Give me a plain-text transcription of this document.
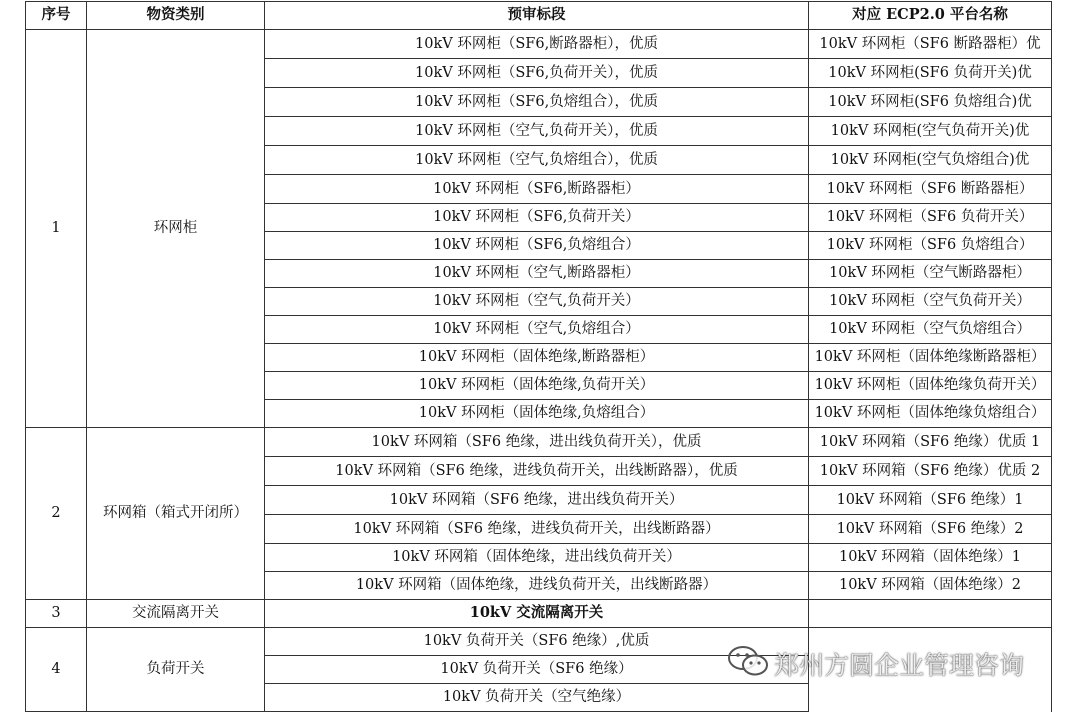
序号	物资类别	预审标段	对应 ECP2.0 平台名称
1	环网柜	10kV 环网柜（SF6,断路器柜），优质	10kV 环网柜（SF6 断路器柜）优
		10kV 环网柜（SF6,负荷开关），优质	10kV 环网柜(SF6 负荷开关)优
		10kV 环网柜（SF6,负熔组合），优质	10kV 环网柜(SF6 负熔组合)优
		10kV 环网柜（空气,负荷开关），优质	10kV 环网柜(空气负荷开关)优
		10kV 环网柜（空气,负熔组合），优质	10kV 环网柜(空气负熔组合)优
		10kV 环网柜（SF6,断路器柜）	10kV 环网柜（SF6 断路器柜）
		10kV 环网柜（SF6,负荷开关）	10kV 环网柜（SF6 负荷开关）
		10kV 环网柜（SF6,负熔组合）	10kV 环网柜（SF6 负熔组合）
		10kV 环网柜（空气,断路器柜）	10kV 环网柜（空气断路器柜）
		10kV 环网柜（空气,负荷开关）	10kV 环网柜（空气负荷开关）
		10kV 环网柜（空气,负熔组合）	10kV 环网柜（空气负熔组合）
		10kV 环网柜（固体绝缘,断路器柜）	10kV 环网柜（固体绝缘断路器柜）
		10kV 环网柜（固体绝缘,负荷开关）	10kV 环网柜（固体绝缘负荷开关）
		10kV 环网柜（固体绝缘,负熔组合）	10kV 环网柜（固体绝缘负熔组合）
2	环网箱（箱式开闭所）	10kV 环网箱（SF6 绝缘，进出线负荷开关），优质	10kV 环网箱（SF6 绝缘）优质 1
		10kV 环网箱（SF6 绝缘，进线负荷开关，出线断路器），优质	10kV 环网箱（SF6 绝缘）优质 2
		10kV 环网箱（SF6 绝缘，进出线负荷开关）	10kV 环网箱（SF6 绝缘）1
		10kV 环网箱（SF6 绝缘，进线负荷开关，出线断路器）	10kV 环网箱（SF6 绝缘）2
		10kV 环网箱（固体绝缘，进出线负荷开关）	10kV 环网箱（固体绝缘）1
		10kV 环网箱（固体绝缘，进线负荷开关，出线断路器）	10kV 环网箱（固体绝缘）2
3	交流隔离开关	10kV 交流隔离开关	
4	负荷开关	10kV 负荷开关（SF6 绝缘）,优质	
		10kV 负荷开关（SF6 绝缘）	
		10kV 负荷开关（空气绝缘）	
郑州方圆企业管理咨询
